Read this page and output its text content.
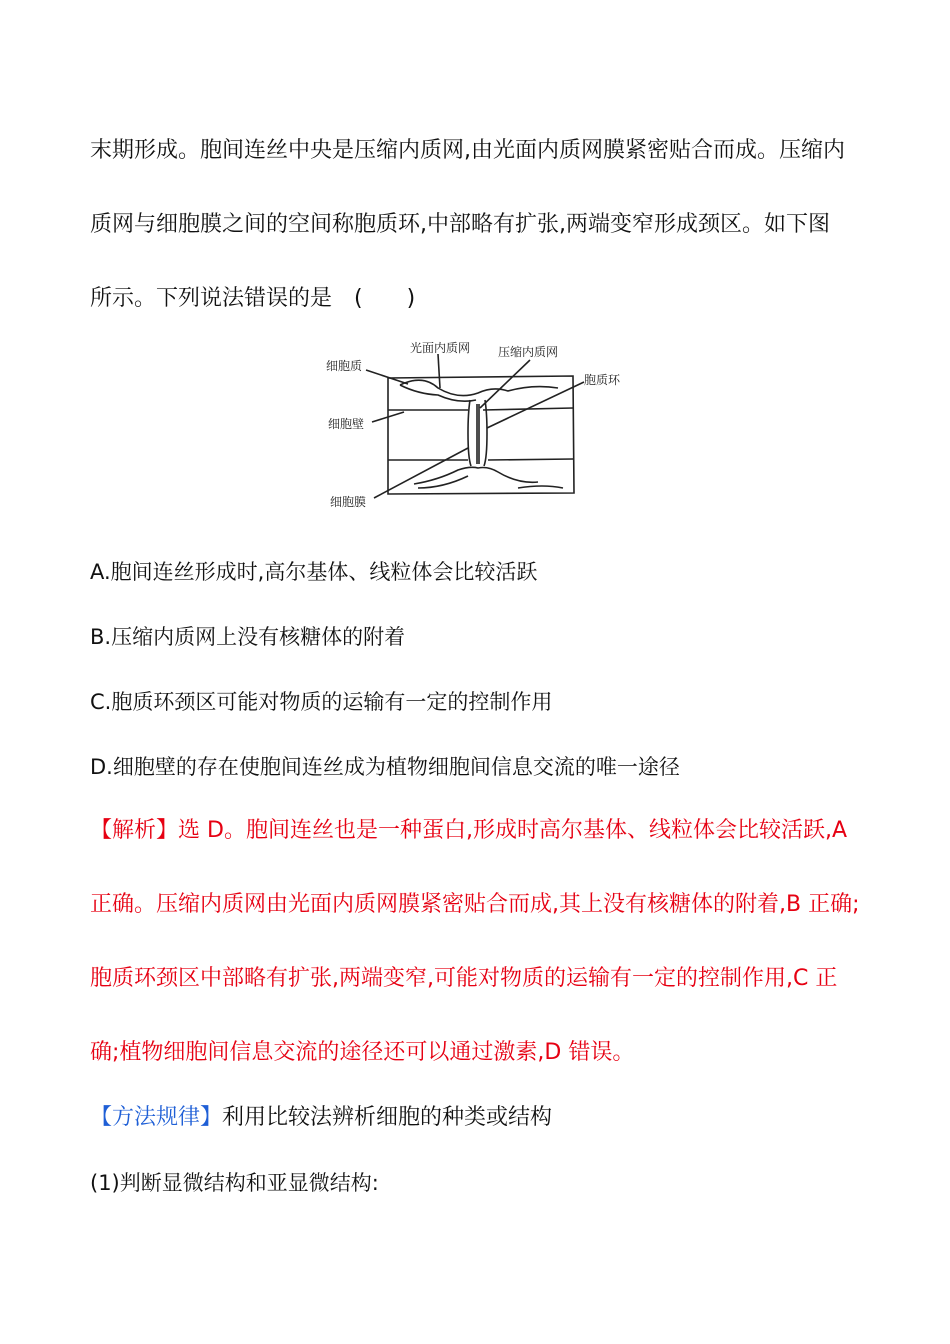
末期形成。胞间连丝中央是压缩内质网,由光面内质网膜紧密贴合而成。压缩内
质网与细胞膜之间的空间称胞质环,中部略有扩张,两端变窄形成颈区。如下图
所示。下列说法错误的是　(　　)
光面内质网 压缩内质网
细胞质
胞质环
细胞壁
细胞膜
A.胞间连丝形成时,高尔基体、线粒体会比较活跃
B.压缩内质网上没有核糖体的附着
C.胞质环颈区可能对物质的运输有一定的控制作用
D.细胞壁的存在使胞间连丝成为植物细胞间信息交流的唯一途径
【解析】选 D。胞间连丝也是一种蛋白,形成时高尔基体、线粒体会比较活跃,A
正确。压缩内质网由光面内质网膜紧密贴合而成,其上没有核糖体的附着,B 正确;
胞质环颈区中部略有扩张,两端变窄,可能对物质的运输有一定的控制作用,C 正
确;植物细胞间信息交流的途径还可以通过激素,D 错误。
【方法规律】利用比较法辨析细胞的种类或结构
(1)判断显微结构和亚显微结构:
